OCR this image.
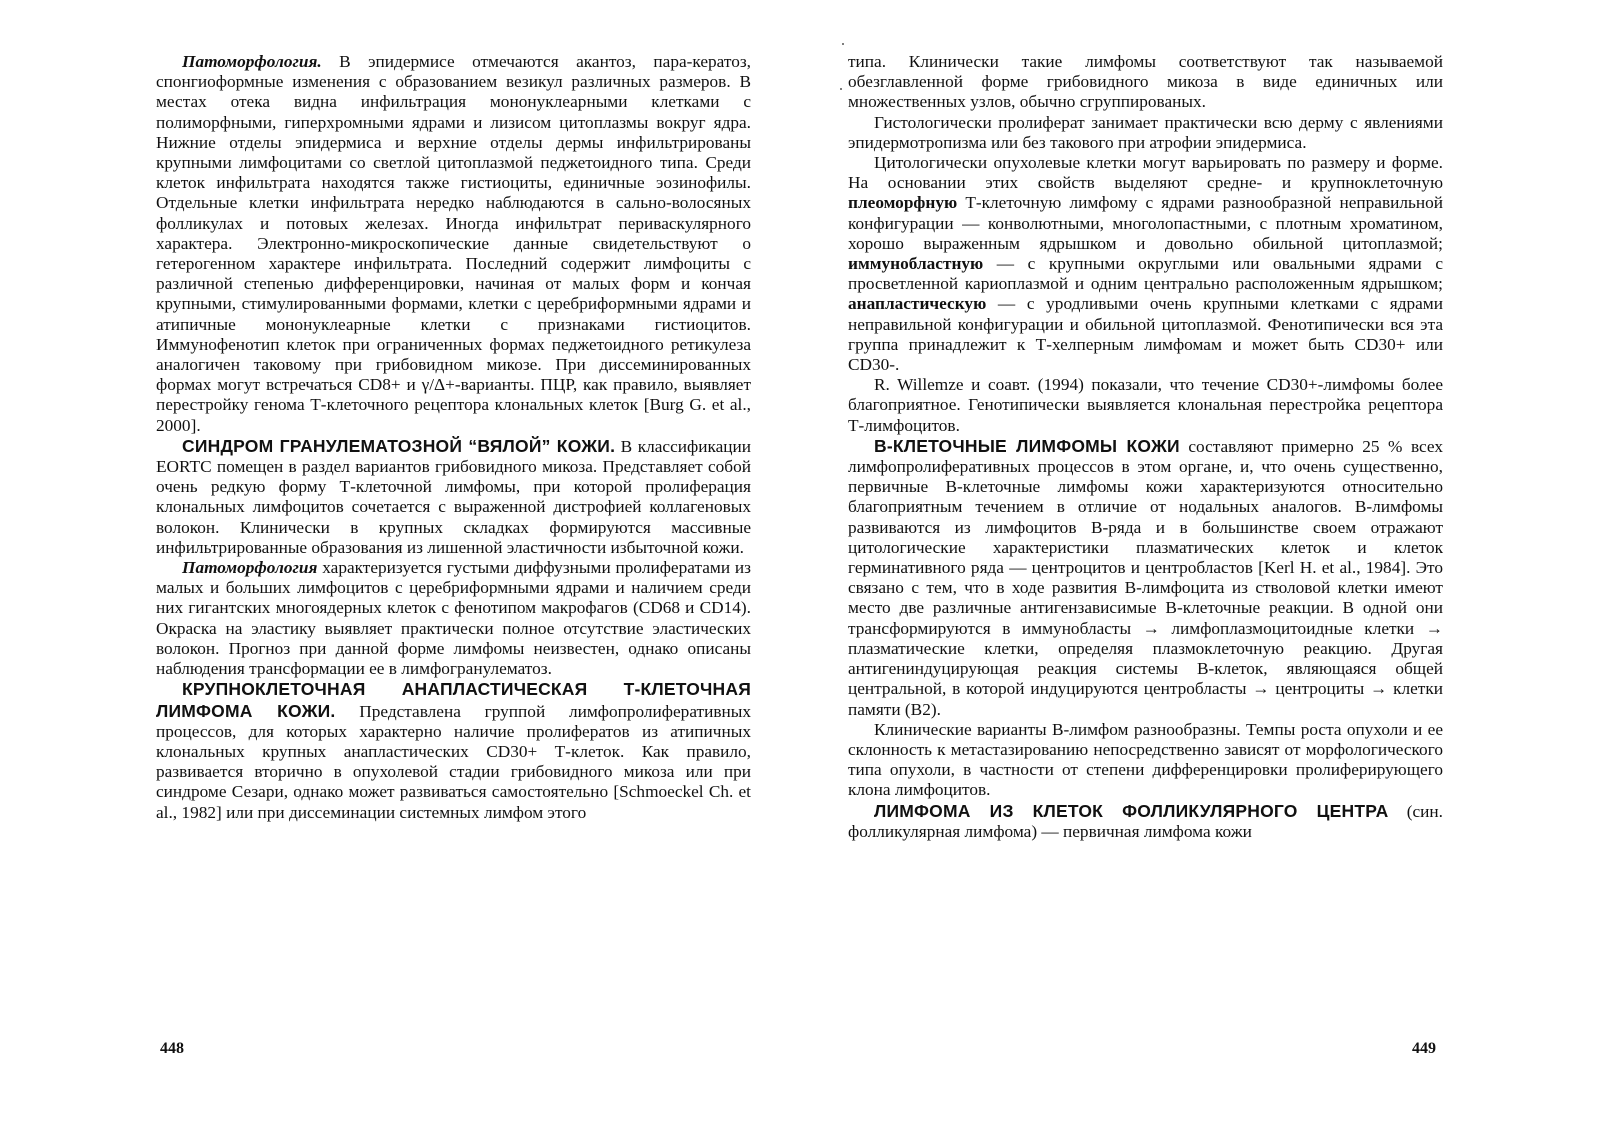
Патоморфология. В эпидермисе отмечаются акантоз, пара-кератоз, спонгиоформные изменения с образованием везикул различных размеров. В местах отека видна инфильтрация мононуклеарными клетками с полиморфными, гиперхромными ядрами и лизисом цитоплазмы вокруг ядра. Нижние отделы эпидермиса и верхние отделы дермы инфильтрированы крупными лимфоцитами со светлой цитоплазмой педжетоидного типа. Среди клеток инфильтрата находятся также гистиоциты, единичные эозинофилы. Отдельные клетки инфильтрата нередко наблюдаются в сально-волосяных фолликулах и потовых железах. Иногда инфильтрат периваскулярного характера. Электронно-микроскопические данные свидетельствуют о гетерогенном характере инфильтрата. Последний содержит лимфоциты с различной степенью дифференцировки, начиная от малых форм и кончая крупными, стимулированными формами, клетки с церебриформными ядрами и атипичные мононуклеарные клетки с признаками гистиоцитов. Иммунофенотип клеток при ограниченных формах педжетоидного ретикулеза аналогичен таковому при грибовидном микозе. При диссеминированных формах могут встречаться CD8+ и γ/Δ+-варианты. ПЦР, как правило, выявляет перестройку генома Т-клеточного рецептора клональных клеток [Burg G. et al., 2000].

СИНДРОМ ГРАНУЛЕМАТОЗНОЙ “ВЯЛОЙ” КОЖИ. В классификации EORTC помещен в раздел вариантов грибовидного микоза. Представляет собой очень редкую форму Т-клеточной лимфомы, при которой пролиферация клональных лимфоцитов сочетается с выраженной дистрофией коллагеновых волокон. Клинически в крупных складках формируются массивные инфильтрированные образования из лишенной эластичности избыточной кожи.

Патоморфология характеризуется густыми диффузными пролифератами из малых и больших лимфоцитов с церебриформными ядрами и наличием среди них гигантских многоядерных клеток с фенотипом макрофагов (CD68 и CD14). Окраска на эластику выявляет практически полное отсутствие эластических волокон. Прогноз при данной форме лимфомы неизвестен, однако описаны наблюдения трансформации ее в лимфогранулематоз.

КРУПНОКЛЕТОЧНАЯ АНАПЛАСТИЧЕСКАЯ Т-КЛЕТОЧНАЯ ЛИМФОМА КОЖИ. Представлена группой лимфопролиферативных процессов, для которых характерно наличие пролифератов из атипичных клональных крупных анапластических CD30+ Т-клеток. Как правило, развивается вторично в опухолевой стадии грибовидного микоза или при синдроме Сезари, однако может развиваться самостоятельно [Schmoeckel Ch. et al., 1982] или при диссеминации системных лимфом этого

448

типа. Клинически такие лимфомы соответствуют так называемой обезглавленной форме грибовидного микоза в виде единичных или множественных узлов, обычно сгруппированых.

Гистологически пролиферат занимает практически всю дерму с явлениями эпидермотропизма или без такового при атрофии эпидермиса.

Цитологически опухолевые клетки могут варьировать по размеру и форме. На основании этих свойств выделяют средне- и крупноклеточную плеоморфную Т-клеточную лимфому с ядрами разнообразной неправильной конфигурации — конволютными, многолопастными, с плотным хроматином, хорошо выраженным ядрышком и довольно обильной цитоплазмой; иммунобластную — с крупными округлыми или овальными ядрами с просветленной кариоплазмой и одним центрально расположенным ядрышком; анапластическую — с уродливыми очень крупными клетками с ядрами неправильной конфигурации и обильной цитоплазмой. Фенотипически вся эта группа принадлежит к Т-хелперным лимфомам и может быть CD30+ или CD30-.

R. Willemze и соавт. (1994) показали, что течение CD30+-лимфомы более благоприятное. Генотипически выявляется клональная перестройка рецептора Т-лимфоцитов.

В-КЛЕТОЧНЫЕ ЛИМФОМЫ КОЖИ составляют примерно 25 % всех лимфопролиферативных процессов в этом органе, и, что очень существенно, первичные В-клеточные лимфомы кожи характеризуются относительно благоприятным течением в отличие от нодальных аналогов. В-лимфомы развиваются из лимфоцитов В-ряда и в большинстве своем отражают цитологические характеристики плазматических клеток и клеток герминативного ряда — центроцитов и центробластов [Kerl H. et al., 1984]. Это связано с тем, что в ходе развития В-лимфоцита из стволовой клетки имеют место две различные антигензависимые В-клеточные реакции. В одной они трансформируются в иммунобласты → лимфоплазмоцитоидные клетки → плазматические клетки, определяя плазмоклеточную реакцию. Другая антигениндуцирующая реакция системы В-клеток, являющаяся общей центральной, в которой индуцируются центробласты → центроциты → клетки памяти (В2).

Клинические варианты В-лимфом разнообразны. Темпы роста опухоли и ее склонность к метастазированию непосредственно зависят от морфологического типа опухоли, в частности от степени дифференцировки пролиферирующего клона лимфоцитов.

ЛИМФОМА ИЗ КЛЕТОК ФОЛЛИКУЛЯРНОГО ЦЕНТРА (син. фолликулярная лимфома) — первичная лимфома кожи

449
